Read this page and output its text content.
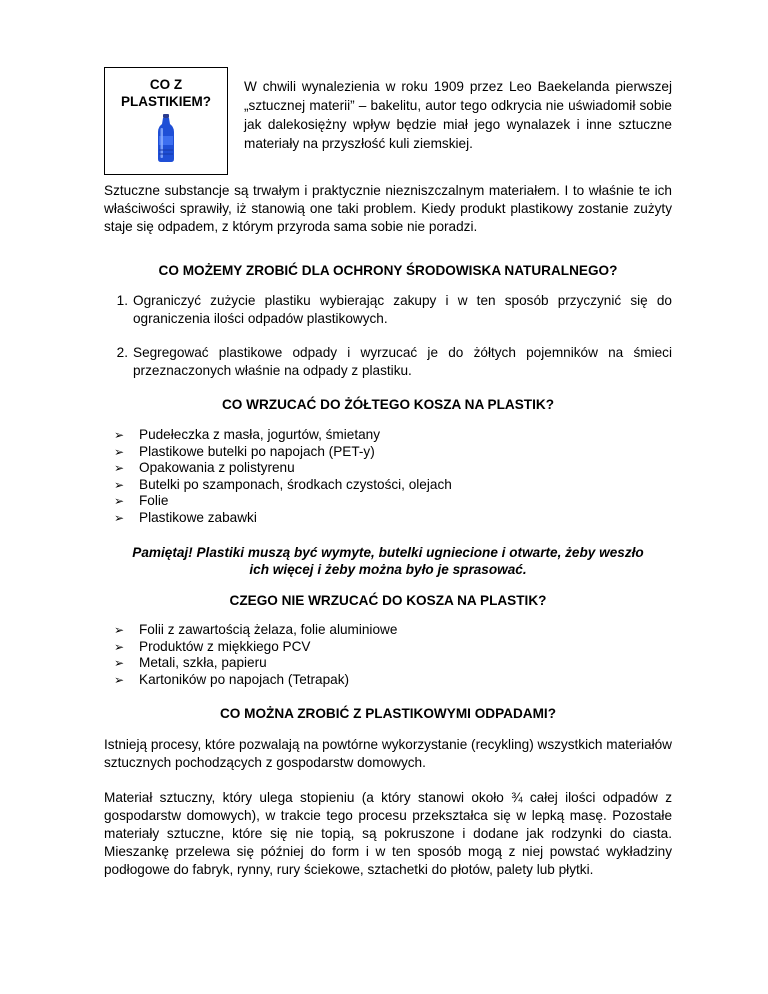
CO Z
PLASTIKIEM?
W chwili wynalezienia w roku 1909 przez Leo Baekelanda pierwszej „sztucznej materii” – bakelitu, autor tego odkrycia nie uświadomił sobie jak dalekosiężny wpływ będzie miał jego wynalazek i inne sztuczne materiały na przyszłość kuli ziemskiej.
Sztuczne substancje są trwałym i praktycznie niezniszczalnym materiałem. I to właśnie te ich właściwości sprawiły, iż stanowią one taki problem. Kiedy produkt plastikowy zostanie zużyty staje się odpadem, z którym przyroda sama sobie nie poradzi.
CO MOŻEMY ZROBIĆ DLA OCHRONY ŚRODOWISKA NATURALNEGO?
1. Ograniczyć zużycie plastiku wybierając zakupy i w ten sposób przyczynić się do ograniczenia ilości odpadów plastikowych.
2. Segregować plastikowe odpady i wyrzucać je do żółtych pojemników na śmieci przeznaczonych właśnie na odpady z plastiku.
CO WRZUCAĆ DO ŻÓŁTEGO KOSZA NA PLASTIK?
➢ Pudełeczka z masła, jogurtów, śmietany
➢ Plastikowe butelki po napojach (PET-y)
➢ Opakowania z polistyrenu
➢ Butelki po szamponach, środkach czystości, olejach
➢ Folie
➢ Plastikowe zabawki
Pamiętaj! Plastiki muszą być wymyte, butelki ugniecione i otwarte, żeby weszło
ich więcej i żeby można było je sprasować.
CZEGO NIE WRZUCAĆ DO KOSZA NA PLASTIK?
➢ Folii z zawartością żelaza, folie aluminiowe
➢ Produktów z miękkiego PCV
➢ Metali, szkła, papieru
➢ Kartoników po napojach (Tetrapak)
CO MOŻNA ZROBIĆ Z PLASTIKOWYMI ODPADAMI?
Istnieją procesy, które pozwalają na powtórne wykorzystanie (recykling) wszystkich materiałów sztucznych pochodzących z gospodarstw domowych.
Materiał sztuczny, który ulega stopieniu (a który stanowi około ¾ całej ilości odpadów z gospodarstw domowych), w trakcie tego procesu przekształca się w lepką masę. Pozostałe materiały sztuczne, które się nie topią, są pokruszone i dodane jak rodzynki do ciasta. Mieszankę przelewa się później do form i w ten sposób mogą z niej powstać wykładziny podłogowe do fabryk, rynny, rury ściekowe, sztachetki do płotów, palety lub płytki.
